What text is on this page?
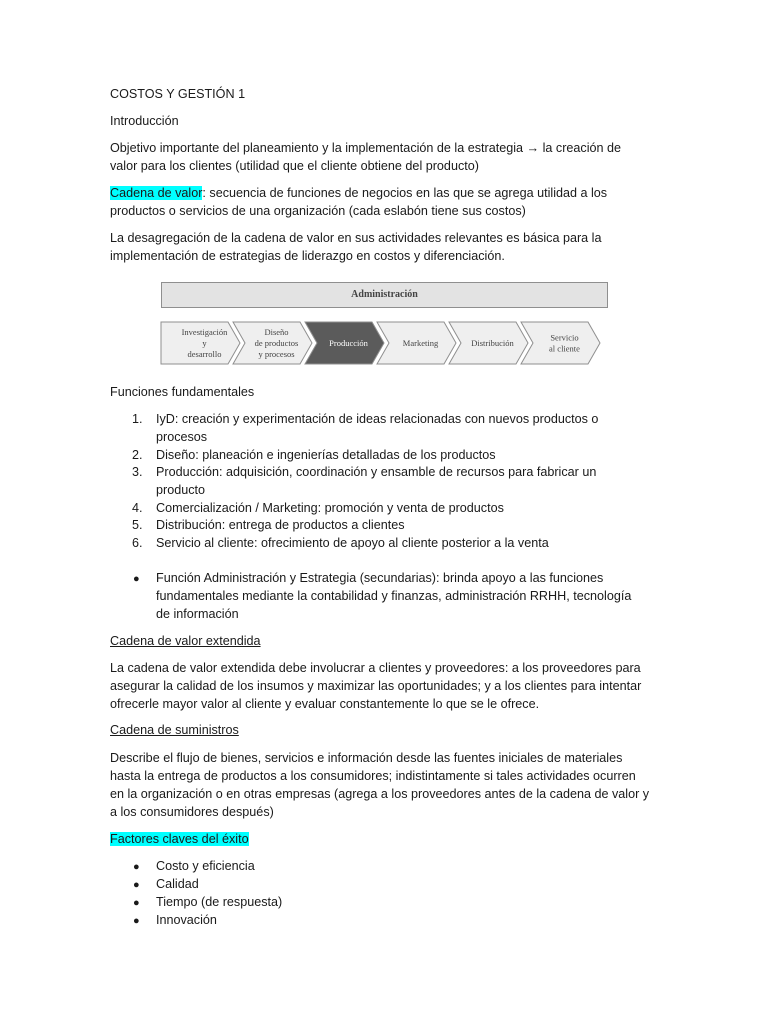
COSTOS Y GESTIÓN 1
Introducción
Objetivo importante del planeamiento y la implementación de la estrategia → la creación de
valor para los clientes (utilidad que el cliente obtiene del producto)
Cadena de valor: secuencia de funciones de negocios en las que se agrega utilidad a los
productos o servicios de una organización (cada eslabón tiene sus costos)
La desagregación de la cadena de valor en sus actividades relevantes es básica para la
implementación de estrategias de liderazgo en costos y diferenciación.
Administración
Investigación
y
desarrollo
Diseño
de productos
y procesos
Producción	Marketing	Distribución
Servicio
al cliente
Funciones fundamentales
1. IyD: creación y experimentación de ideas relacionadas con nuevos productos o
procesos
2. Diseño: planeación e ingenierías detalladas de los productos
3. Producción: adquisición, coordinación y ensamble de recursos para fabricar un
producto
4. Comercialización / Marketing: promoción y venta de productos
5. Distribución: entrega de productos a clientes
6. Servicio al cliente: ofrecimiento de apoyo al cliente posterior a la venta
● Función Administración y Estrategia (secundarias): brinda apoyo a las funciones
fundamentales mediante la contabilidad y finanzas, administración RRHH, tecnología
de información
Cadena de valor extendida
La cadena de valor extendida debe involucrar a clientes y proveedores: a los proveedores para
asegurar la calidad de los insumos y maximizar las oportunidades; y a los clientes para intentar
ofrecerle mayor valor al cliente y evaluar constantemente lo que se le ofrece.
Cadena de suministros
Describe el flujo de bienes, servicios e información desde las fuentes iniciales de materiales
hasta la entrega de productos a los consumidores; indistintamente si tales actividades ocurren
en la organización o en otras empresas (agrega a los proveedores antes de la cadena de valor y
a los consumidores después)
Factores claves del éxito
● Costo y eficiencia
● Calidad
● Tiempo (de respuesta)
● Innovación
